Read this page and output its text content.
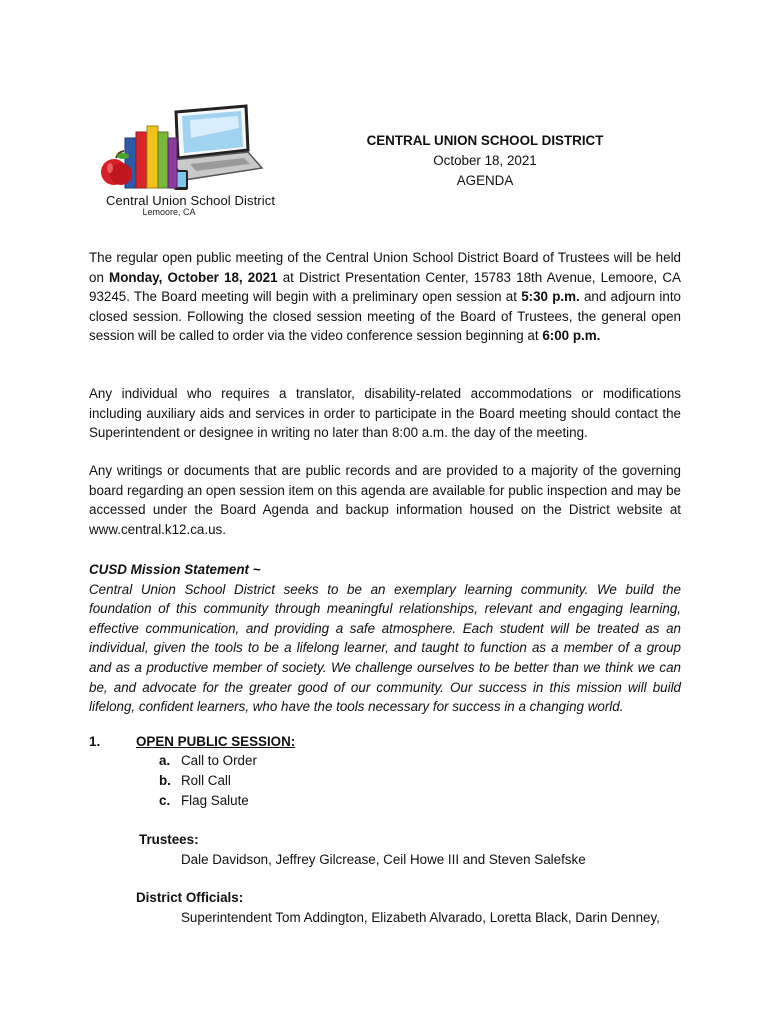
Central Union School District
Lemoore, CA
CENTRAL UNION SCHOOL DISTRICT
October 18, 2021
AGENDA

The regular open public meeting of the Central Union School District Board of Trustees will be held on Monday, October 18, 2021 at District Presentation Center, 15783 18th Avenue, Lemoore, CA 93245. The Board meeting will begin with a preliminary open session at 5:30 p.m. and adjourn into closed session. Following the closed session meeting of the Board of Trustees, the general open session will be called to order via the video conference session beginning at 6:00 p.m.

Any individual who requires a translator, disability-related accommodations or modifications including auxiliary aids and services in order to participate in the Board meeting should contact the Superintendent or designee in writing no later than 8:00 a.m. the day of the meeting.

Any writings or documents that are public records and are provided to a majority of the governing board regarding an open session item on this agenda are available for public inspection and may be accessed under the Board Agenda and backup information housed on the District website at www.central.k12.ca.us.

CUSD Mission Statement ~
Central Union School District seeks to be an exemplary learning community. We build the foundation of this community through meaningful relationships, relevant and engaging learning, effective communication, and providing a safe atmosphere. Each student will be treated as an individual, given the tools to be a lifelong learner, and taught to function as a member of a group and as a productive member of society. We challenge ourselves to be better than we think we can be, and advocate for the greater good of our community. Our success in this mission will build lifelong, confident learners, who have the tools necessary for success in a changing world.
1.	OPEN PUBLIC SESSION:
a. Call to Order
b. Roll Call
c. Flag Salute
Trustees:
Dale Davidson, Jeffrey Gilcrease, Ceil Howe III and Steven Salefske
District Officials:
Superintendent Tom Addington, Elizabeth Alvarado, Loretta Black, Darin Denney,
